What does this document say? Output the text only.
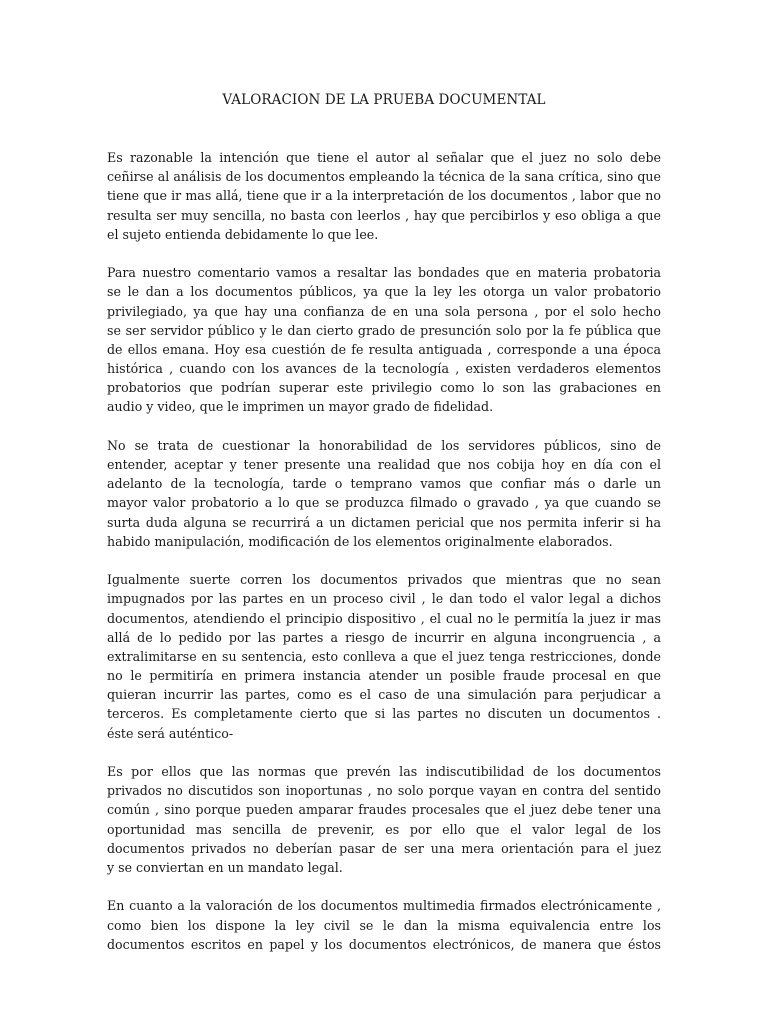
VALORACION DE LA PRUEBA DOCUMENTAL
Es razonable la intención que tiene el autor al señalar que el juez no solo debe
ceñirse al análisis de los documentos empleando la técnica de la sana crítica, sino que
tiene que ir mas allá, tiene que ir a la interpretación de los documentos , labor que no
resulta ser muy sencilla, no basta con leerlos , hay que percibirlos y eso obliga a que
el sujeto entienda debidamente lo que lee.
Para nuestro comentario vamos a resaltar las bondades que en materia probatoria
se le dan a los documentos públicos, ya que la ley les otorga un valor probatorio
privilegiado, ya que hay una confianza de en una sola persona , por el solo hecho
se ser servidor público y le dan cierto grado de presunción solo por la fe pública que
de ellos emana. Hoy esa cuestión de fe resulta antiguada , corresponde a una época
histórica , cuando con los avances de la tecnología , existen verdaderos elementos
probatorios que podrían superar este privilegio como lo son las grabaciones en
audio y video, que le imprimen un mayor grado de fidelidad.
No se trata de cuestionar la honorabilidad de los servidores públicos, sino de
entender, aceptar y tener presente una realidad que nos cobija hoy en día con el
adelanto de la tecnología, tarde o temprano vamos que confiar más o darle un
mayor valor probatorio a lo que se produzca filmado o gravado , ya que cuando se
surta duda alguna se recurrirá a un dictamen pericial que nos permita inferir si ha
habido manipulación, modificación de los elementos originalmente elaborados.
Igualmente suerte corren los documentos privados que mientras que no sean
impugnados por las partes en un proceso civil , le dan todo el valor legal a dichos
documentos, atendiendo el principio dispositivo , el cual no le permitía la juez ir mas
allá de lo pedido por las partes a riesgo de incurrir en alguna incongruencia , a
extralimitarse en su sentencia, esto conlleva a que el juez tenga restricciones, donde
no le permitiría en primera instancia atender un posible fraude procesal en que
quieran incurrir las partes, como es el caso de una simulación para perjudicar a
terceros. Es completamente cierto que si las partes no discuten un documentos .
éste será auténtico-
Es por ellos que las normas que prevén las indiscutibilidad de los documentos
privados no discutidos son inoportunas , no solo porque vayan en contra del sentido
común , sino porque pueden amparar fraudes procesales que el juez debe tener una
oportunidad mas sencilla de prevenir, es por ello que el valor legal de los
documentos privados no deberían pasar de ser una mera orientación para el juez
y se conviertan en un mandato legal.
En cuanto a la valoración de los documentos multimedia firmados electrónicamente ,
como bien los dispone la ley civil se le dan la misma equivalencia entre los
documentos escritos en papel y los documentos electrónicos, de manera que éstos
